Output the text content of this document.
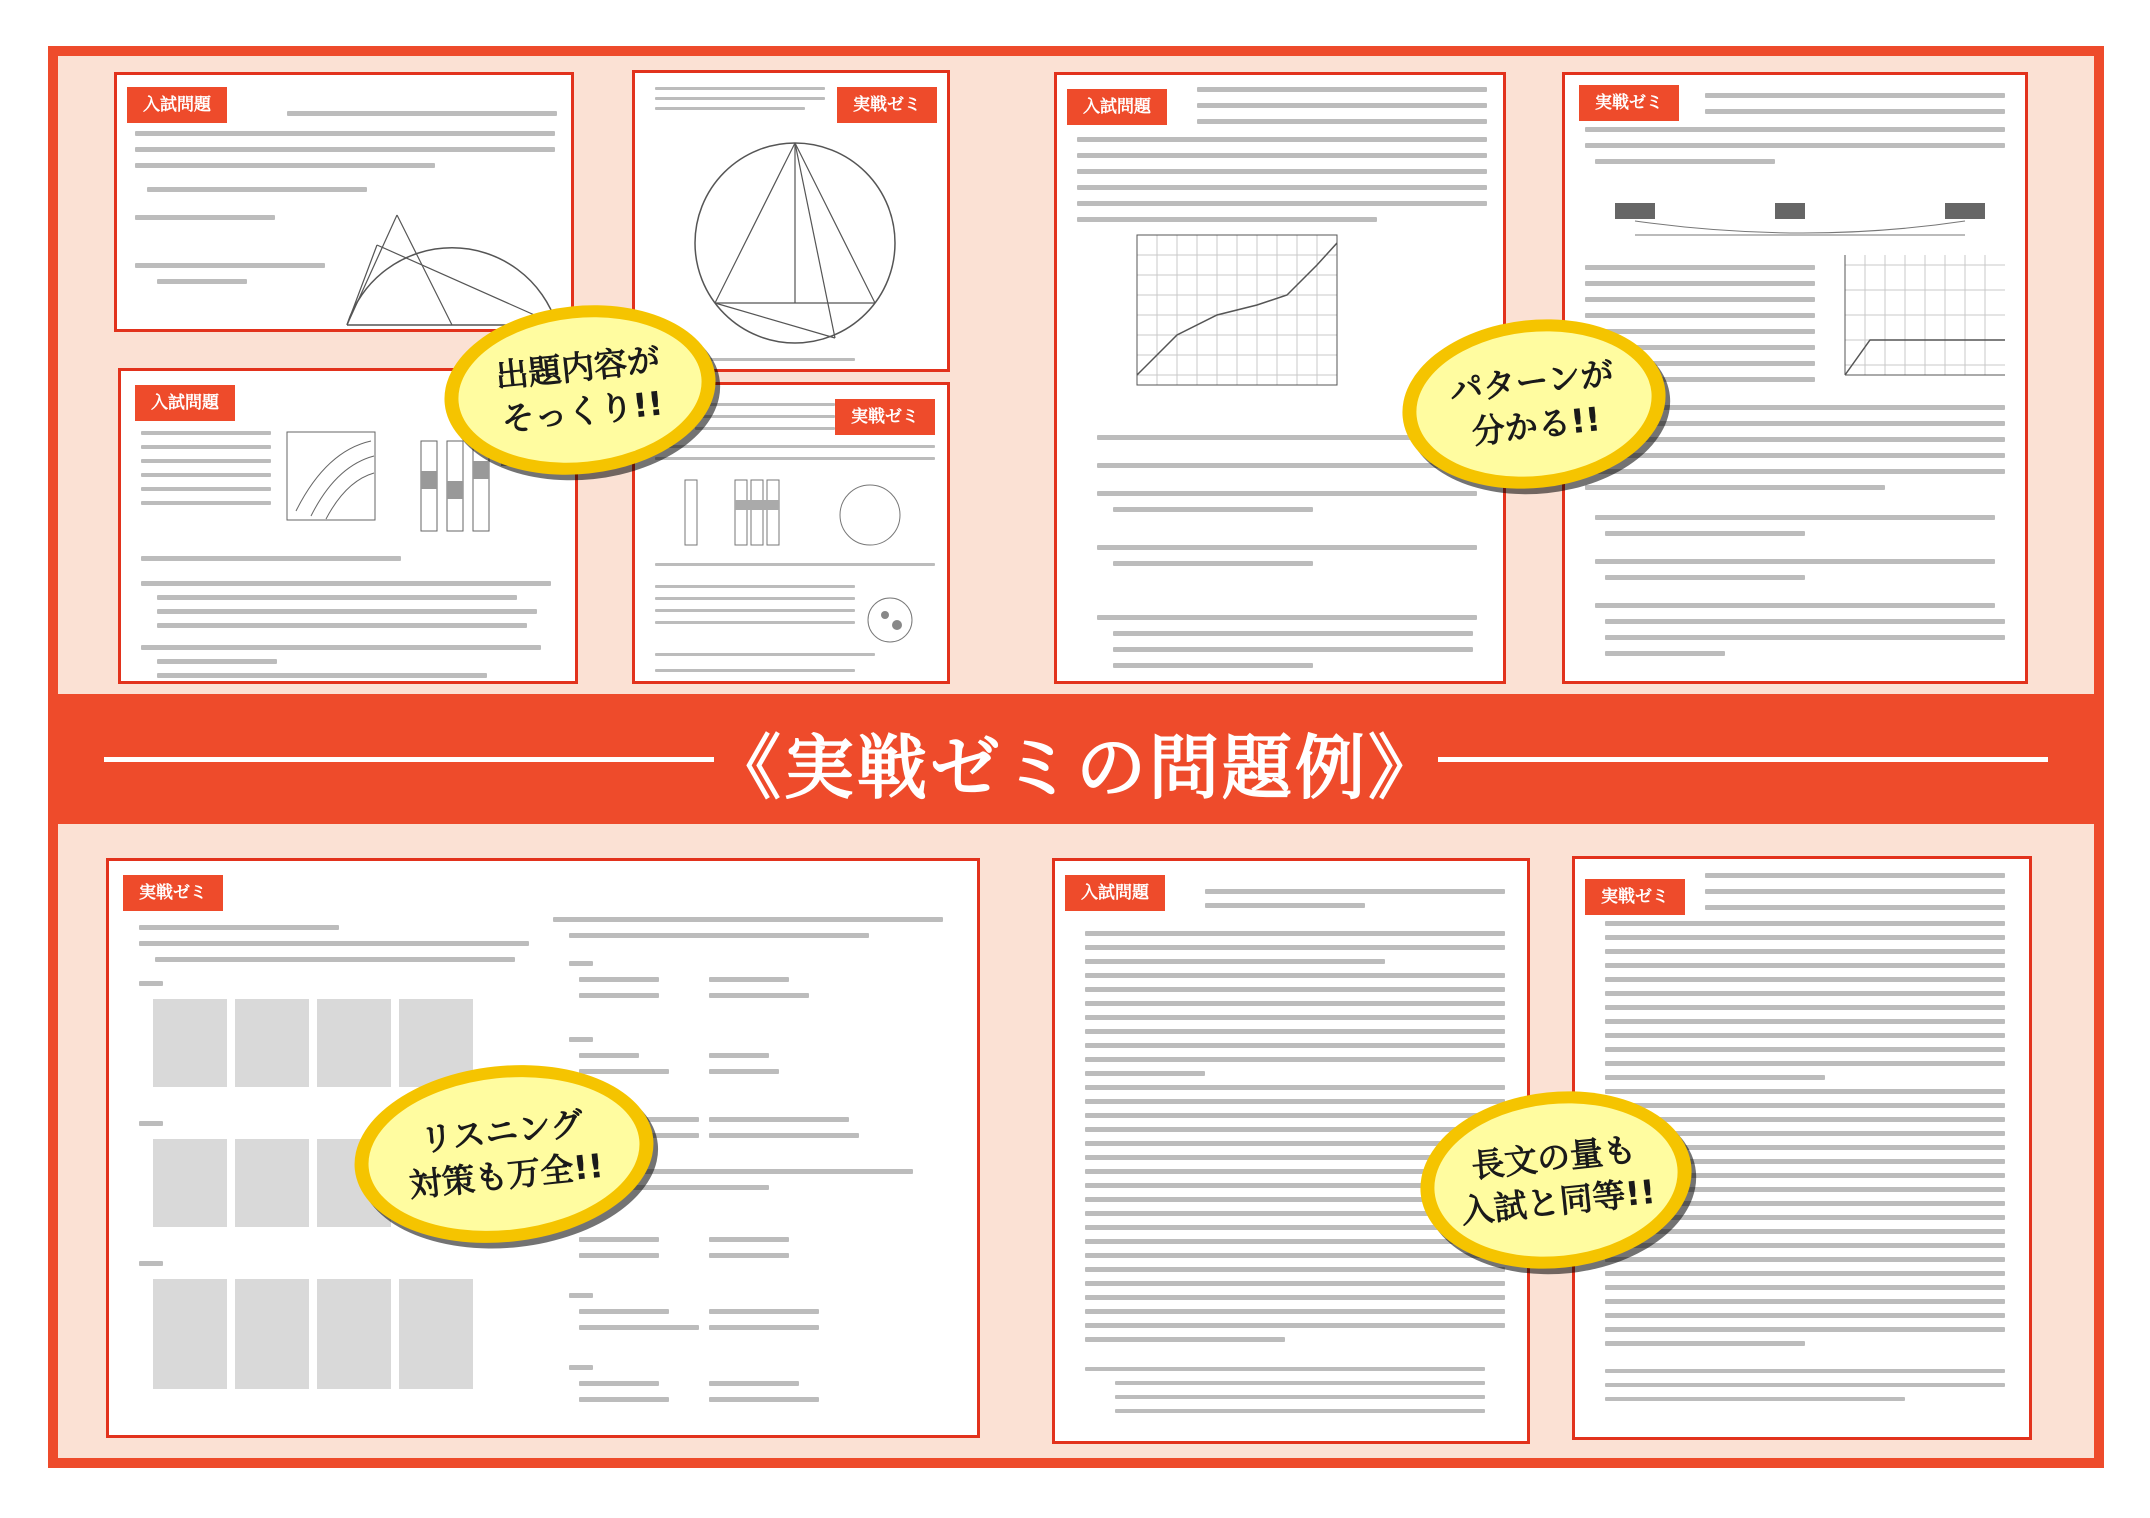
入試問題	実戦ゼミ
入試問題
実戦ゼミ
入試問題	実戦ゼミ
《実戦ゼミの問題例》
実戦ゼミ	入試問題	実戦ゼミ
出題内容が
そっくり!!
パターンが
分かる!!
リスニング
対策も万全!!	長文の量も
入試と同等!!
